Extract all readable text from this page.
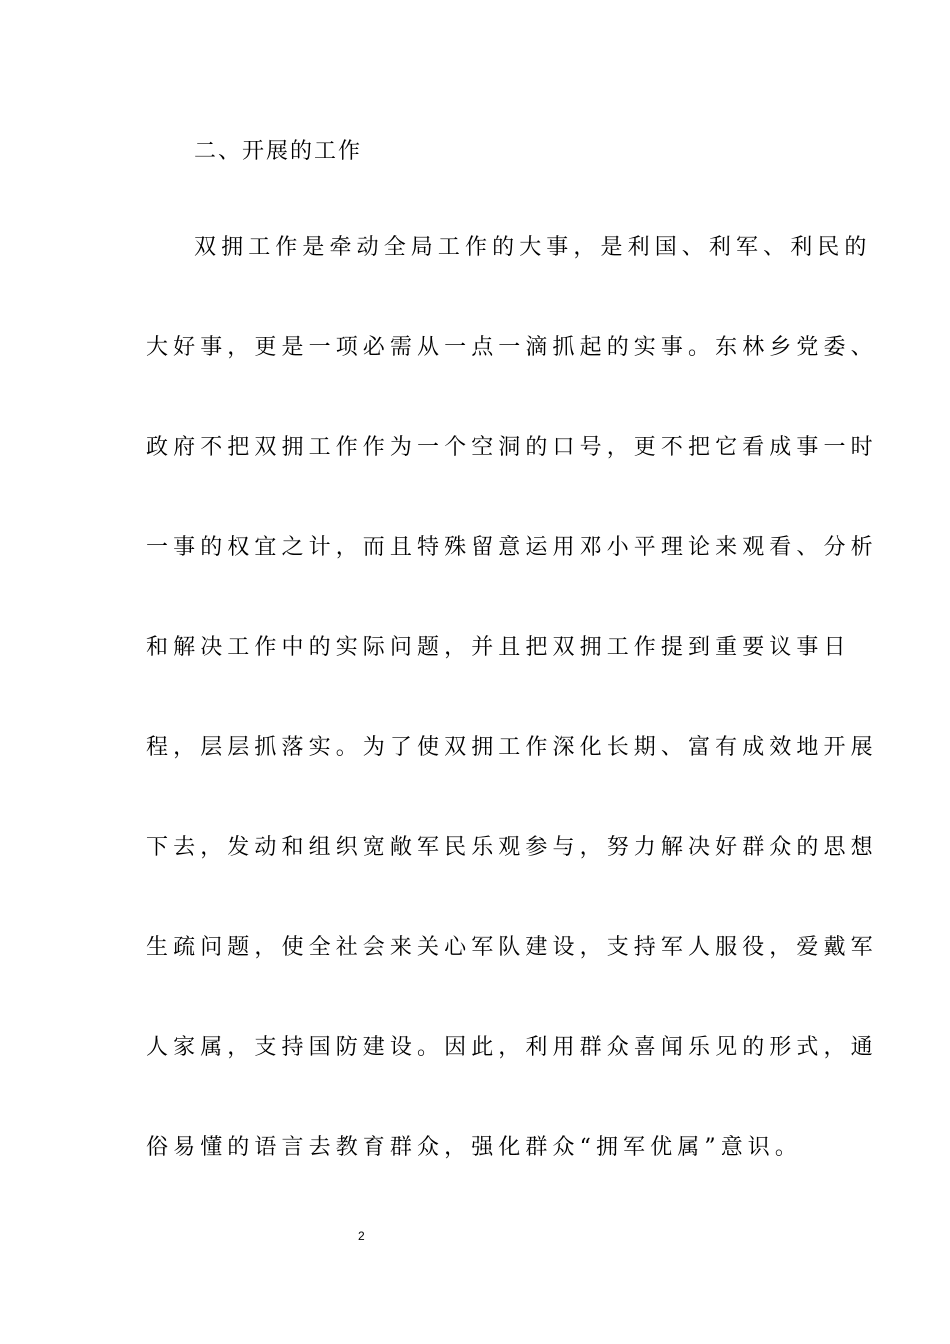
二、开展的工作
双拥工作是牵动全局工作的大事，是利国、利军、利民的
大好事，更是一项必需从一点一滴抓起的实事。东林乡党委、
政府不把双拥工作作为一个空洞的口号，更不把它看成事一时
一事的权宜之计，而且特殊留意运用邓小平理论来观看、分析
和解决工作中的实际问题，并且把双拥工作提到重要议事日
程，层层抓落实。为了使双拥工作深化长期、富有成效地开展
下去，发动和组织宽敞军民乐观参与，努力解决好群众的思想
生疏问题，使全社会来关心军队建设，支持军人服役，爱戴军
人家属，支持国防建设。因此，利用群众喜闻乐见的形式，通
俗易懂的语言去教育群众，强化群众“拥军优属”意识。
2
